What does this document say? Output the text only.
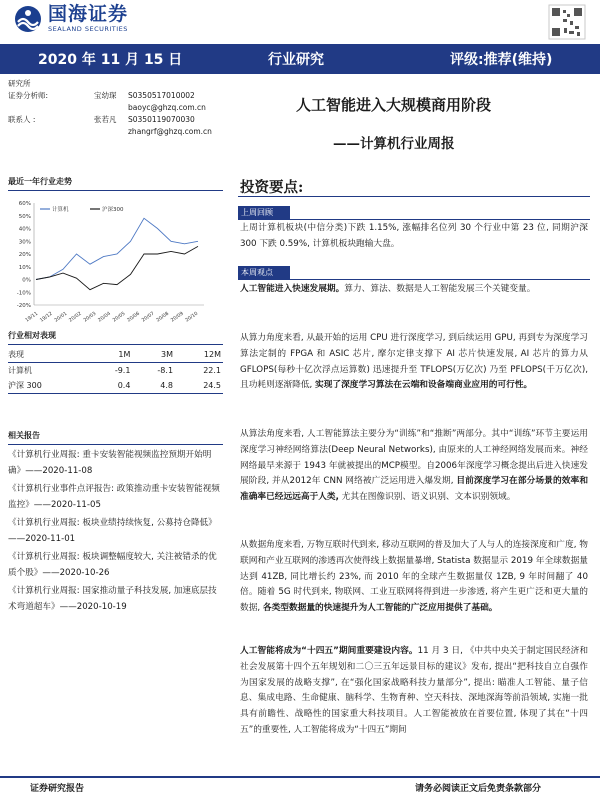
国海证券
SEALAND SECURITIES
2020 年 11 月 15 日	行业研究	评级:推荐(维持)
研究所
证券分析师:	宝幼琛	S0350517010002
baoyc@ghzq.com.cn
联系人 :	张若凡	S0350119070030
zhangrf@ghzq.com.cn
人工智能进入大规模商用阶段
——计算机行业周报
最近一年行业走势
60%
50%
40%
30%
20%
10%
0%
-10%
-20%
19/11 19/12 20/01 20/02 20/03 20/04 20/05 20/06 20/07 20/08 20/09 20/10
计算机	沪深300
行业相对表现
表现	1M	3M	12M
计算机	-9.1	-8.1	22.1
沪深 300	0.4	4.8	24.5
相关报告
《计算机行业周报: 重卡安装智能视频监控预期开始明确》——2020-11-08
《计算机行业事件点评报告: 政策推动重卡安装智能视频监控》——2020-11-05
《计算机行业周报: 板块业绩持续恢复, 公募持仓降低》——2020-11-01
《计算机行业周报: 板块调整幅度较大, 关注被错杀的优质个股》——2020-10-26
《计算机行业周报: 国家推动量子科技发展, 加速底层技术弯道超车》——2020-10-19
投资要点:
上周回顾
上周计算机板块(中信分类)下跌 1.15%, 涨幅排名位列 30 个行业中第 23 位, 同期沪深 300 下跌 0.59%, 计算机板块跑输大盘。
本周观点
人工智能进入快速发展期。算力、算法、数据是人工智能发展三个关键变量。
从算力角度来看, 从最开始的运用 CPU 进行深度学习, 到后续运用 GPU, 再到专为深度学习算法定制的 FPGA 和 ASIC 芯片, 摩尔定律支撑下 AI 芯片快速发展, AI 芯片的算力从 GFLOPS(每秒十亿次浮点运算数) 迅速提升至 TFLOPS(万亿次) 乃至 PFLOPS(千万亿次), 且功耗则逐渐降低, 实现了深度学习算法在云端和设备端商业应用的可行性。
从算法角度来看, 人工智能算法主要分为“训练”和“推断”两部分。其中“训练”环节主要运用深度学习神经网络算法(Deep Neural Networks), 由原来的人工神经网络发展而来。神经网络最早来源于 1943 年就被提出的MCP模型。自2006年深度学习概念提出后进入快速发展阶段, 并从2012年 CNN 网络被广泛运用进入爆发期, 目前深度学习在部分场景的效率和准确率已经远远高于人类, 尤其在图像识别、语义识别、文本识别领域。
从数据角度来看, 万物互联时代到来, 移动互联网的普及加大了人与人的连接深度和广度, 物联网和产业互联网的渗透再次使得线上数据量暴增, Statista 数据显示 2019 年全球数据量达到 41ZB, 同比增长约 23%, 而 2010 年的全球产生数据量仅 1ZB, 9 年时间翻了 40 倍。随着 5G 时代到来, 物联网、工业互联网将得到进一步渗透, 将产生更广泛和更大量的数据, 各类型数据量的快速提升为人工智能的广泛应用提供了基础。
人工智能将成为“十四五”期间重要建设内容。11 月 3 日, 《中共中央关于制定国民经济和社会发展第十四个五年规划和二〇三五年远景目标的建议》发布, 提出“把科技自立自强作为国家发展的战略支撑”, 在“强化国家战略科技力量部分”, 提出: 瞄准人工智能、量子信息、集成电路、生命健康、脑科学、生物育种、空天科技、深地深海等前沿领域, 实施一批具有前瞻性、战略性的国家重大科技项目。人工智能被放在首要位置, 体现了其在“十四五”的重要性, 人工智能将成为“十四五”期间
证券研究报告	请务必阅读正文后免责条款部分
